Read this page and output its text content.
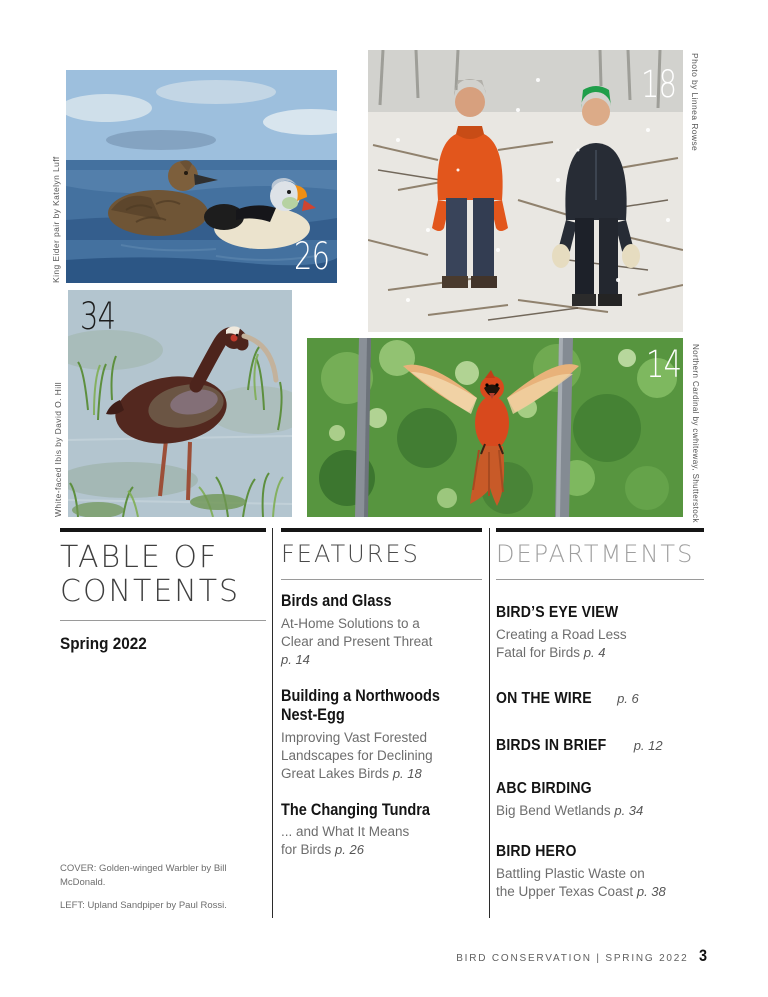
26
King Eider pair by Katelyn Luff
18 Photo by Linnea Rowse
34
White-faced Ibis by David O. Hill
14 Northern Cardinal by cwhiteway, Shutterstock
TABLE OF
CONTENTS
Spring 2022

COVER: Golden-winged Warbler by Bill McDonald.

LEFT: Upland Sandpiper by Paul Rossi.

FEATURES
Birds and Glass

At-Home Solutions to a
Clear and Present Threat
p. 14

Building a Northwoods Nest-Egg

Improving Vast Forested
Landscapes for Declining
Great Lakes Birds p. 18

The Changing Tundra

... and What It Means
for Birds p. 26

DEPARTMENTS
BIRD’S EYE VIEW

Creating a Road Less
Fatal for Birds p. 4

ON THE WIRE p. 6
BIRDS IN BRIEF p. 12
ABC BIRDING

Big Bend Wetlands p. 34

BIRD HERO

Battling Plastic Waste on
the Upper Texas Coast p. 38

BIRD CONSERVATION | SPRING 2022 3
